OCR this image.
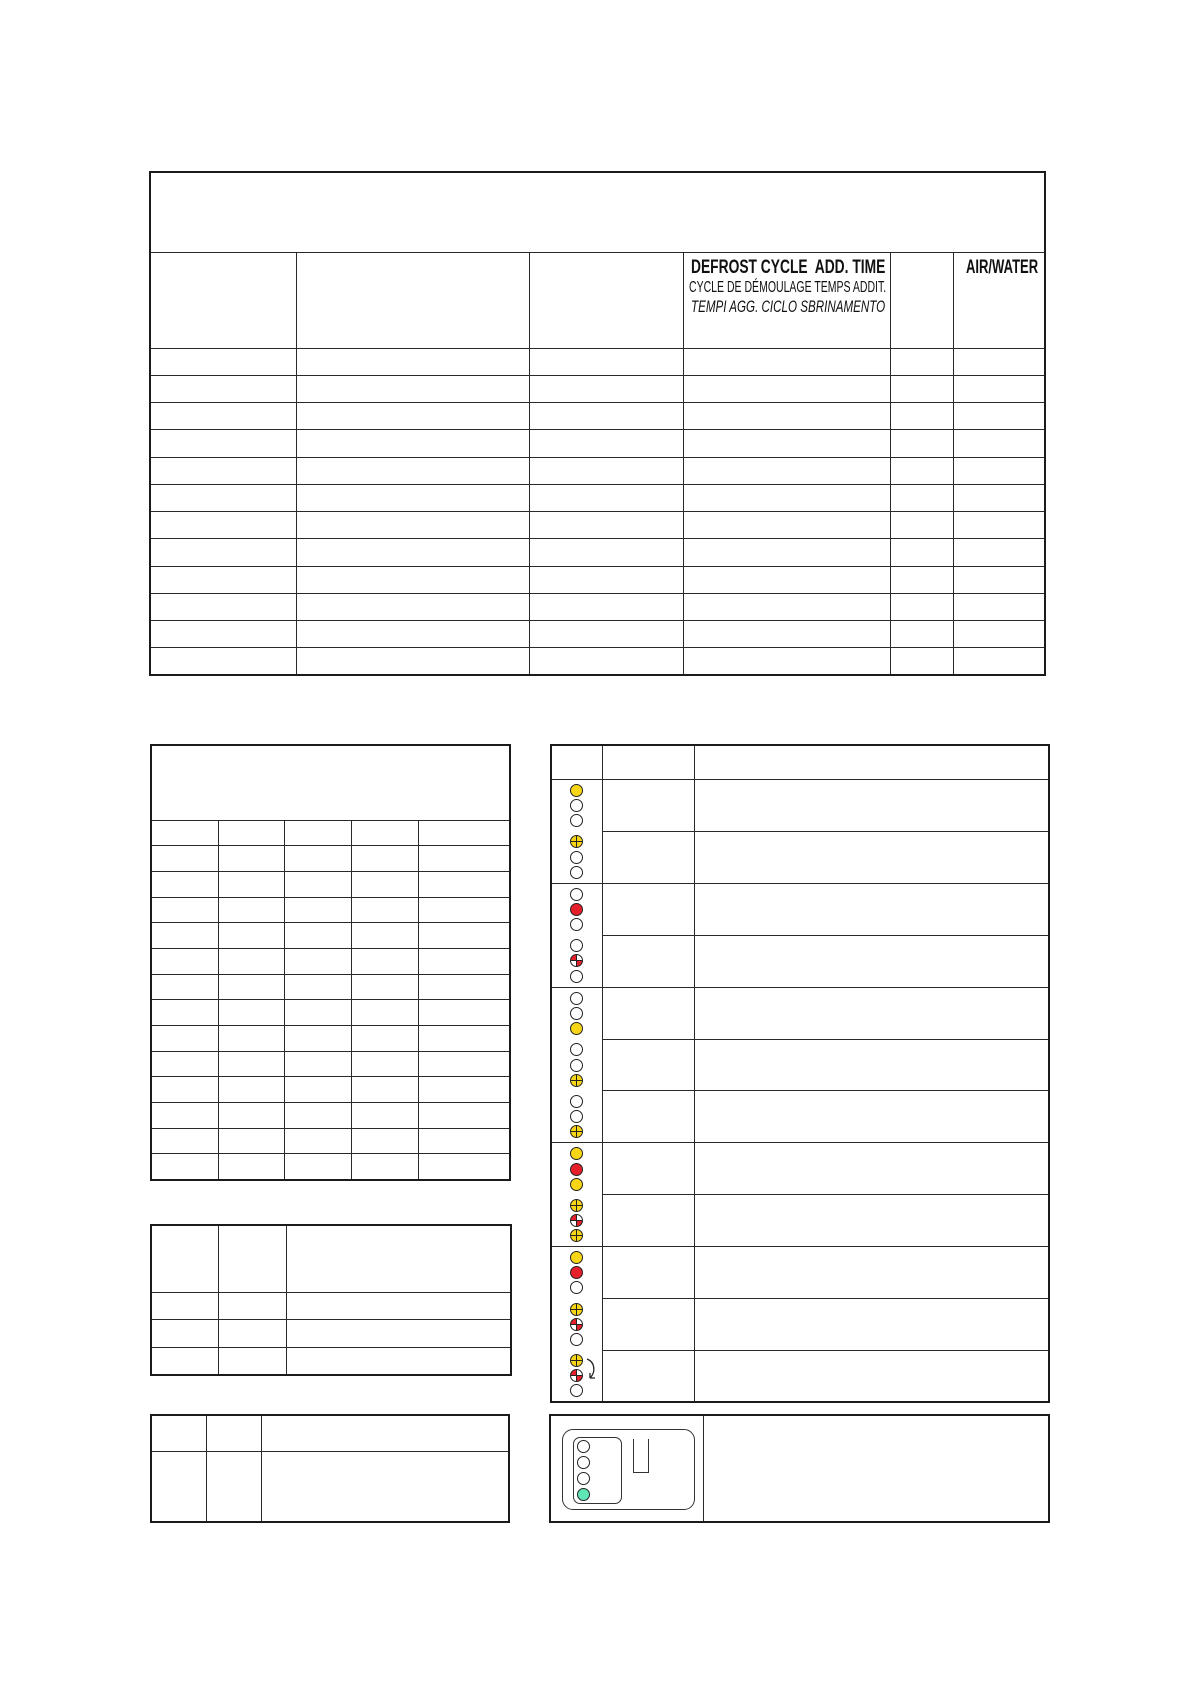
			DEFROST CYCLE  ADD. TIME
CYCLE DE DÉMOULAGE TEMPS ADDIT.
TEMPI AGG. CICLO SBRINAMENTO		AIR/WATER
